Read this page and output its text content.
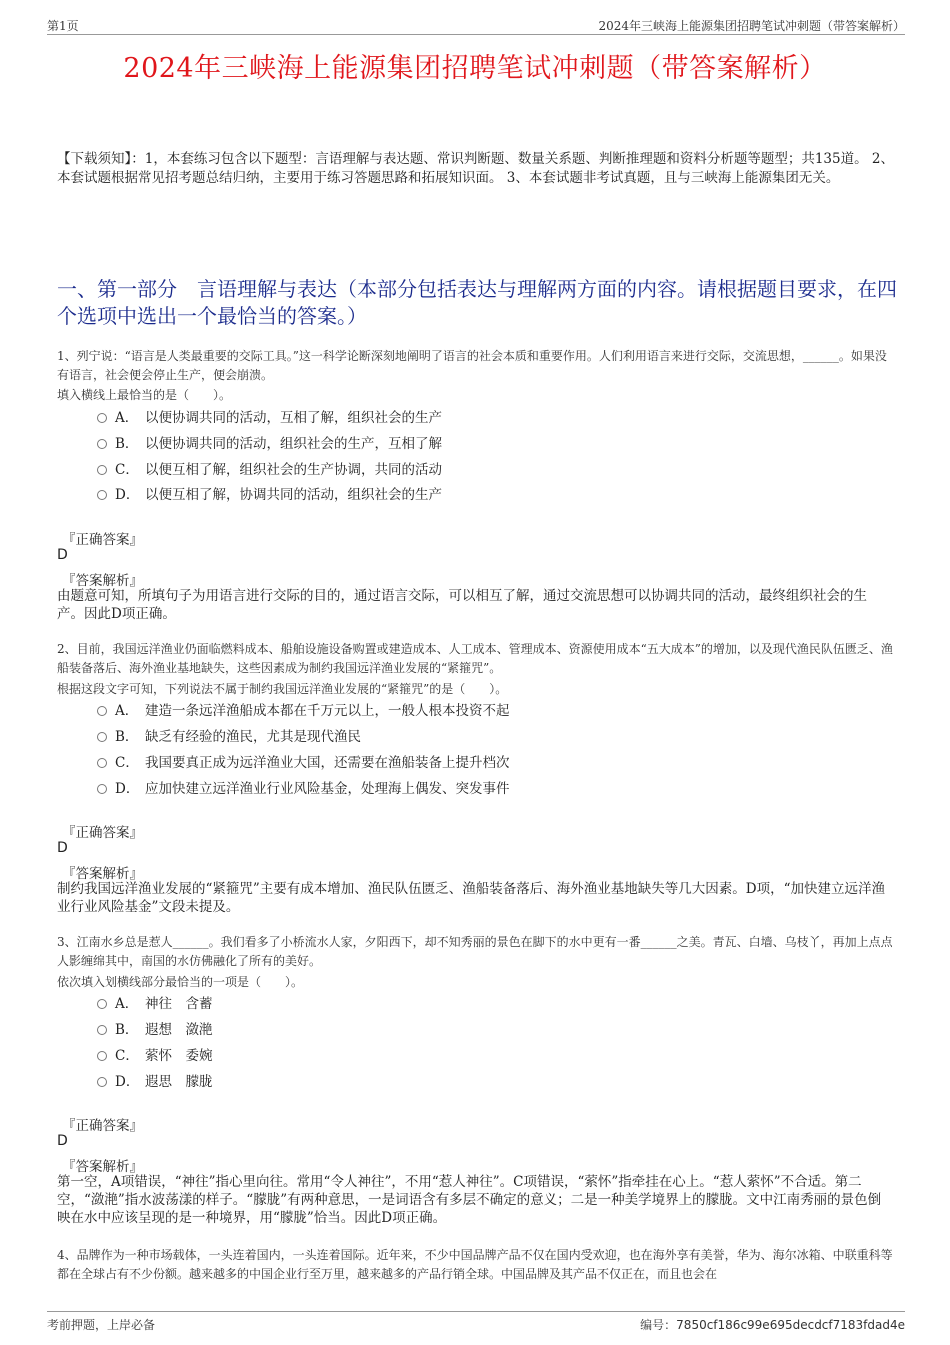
第1页	2024年三峡海上能源集团招聘笔试冲刺题（带答案解析）
2024年三峡海上能源集团招聘笔试冲刺题（带答案解析）
【下载须知】：1，本套练习包含以下题型：言语理解与表达题、常识判断题、数量关系题、判断推理题和资料分析题等题型；共135道。 2、本套试题根据常见招考题总结归纳，主要用于练习答题思路和拓展知识面。 3、本套试题非考试真题，且与三峡海上能源集团无关。
一、第一部分　言语理解与表达（本部分包括表达与理解两方面的内容。请根据题目要求，在四个选项中选出一个最恰当的答案。）
1、列宁说：“语言是人类最重要的交际工具。”这一科学论断深刻地阐明了语言的社会本质和重要作用。人们利用语言来进行交际，交流思想，______。如果没有语言，社会便会停止生产，便会崩溃。
填入横线上最恰当的是（　　）。
A． 以便协调共同的活动，互相了解，组织社会的生产
B． 以便协调共同的活动，组织社会的生产，互相了解
C． 以便互相了解，组织社会的生产协调，共同的活动
D． 以便互相了解，协调共同的活动，组织社会的生产
『正确答案』
D
『答案解析』
由题意可知，所填句子为用语言进行交际的目的，通过语言交际，可以相互了解，通过交流思想可以协调共同的活动，最终组织社会的生产。因此D项正确。
2、目前，我国远洋渔业仍面临燃料成本、船舶设施设备购置或建造成本、人工成本、管理成本、资源使用成本“五大成本”的增加，以及现代渔民队伍匮乏、渔船装备落后、海外渔业基地缺失，这些因素成为制约我国远洋渔业发展的“紧箍咒”。
根据这段文字可知，下列说法不属于制约我国远洋渔业发展的“紧箍咒”的是（　　）。
A． 建造一条远洋渔船成本都在千万元以上，一般人根本投资不起
B． 缺乏有经验的渔民，尤其是现代渔民
C． 我国要真正成为远洋渔业大国，还需要在渔船装备上提升档次
D． 应加快建立远洋渔业行业风险基金，处理海上偶发、突发事件
『正确答案』
D
『答案解析』
制约我国远洋渔业发展的“紧箍咒”主要有成本增加、渔民队伍匮乏、渔船装备落后、海外渔业基地缺失等几大因素。D项，“加快建立远洋渔业行业风险基金”文段未提及。
3、江南水乡总是惹人______。我们看多了小桥流水人家，夕阳西下，却不知秀丽的景色在脚下的水中更有一番______之美。青瓦、白墙、乌枝丫，再加上点点人影缠绵其中，南国的水仿佛融化了所有的美好。
依次填入划横线部分最恰当的一项是（　　）。
A． 神往　含蓄
B． 遐想　潋滟
C． 萦怀　委婉
D． 遐思　朦胧
『正确答案』
D
『答案解析』
第一空，A项错误，“神往”指心里向往。常用“令人神往”，不用“惹人神往”。C项错误，“萦怀”指牵挂在心上。“惹人萦怀”不合适。第二空，“潋滟”指水波荡漾的样子。“朦胧”有两种意思，一是词语含有多层不确定的意义；二是一种美学境界上的朦胧。文中江南秀丽的景色倒映在水中应该呈现的是一种境界，用“朦胧”恰当。因此D项正确。
4、品牌作为一种市场载体，一头连着国内，一头连着国际。近年来，不少中国品牌产品不仅在国内受欢迎，也在海外享有美誉，华为、海尔冰箱、中联重科等都在全球占有不少份额。越来越多的中国企业行至万里，越来越多的产品行销全球。中国品牌及其产品不仅正在，而且也会在
考前押题，上岸必备	编号：7850cf186c99e695decdcf7183fdad4e
